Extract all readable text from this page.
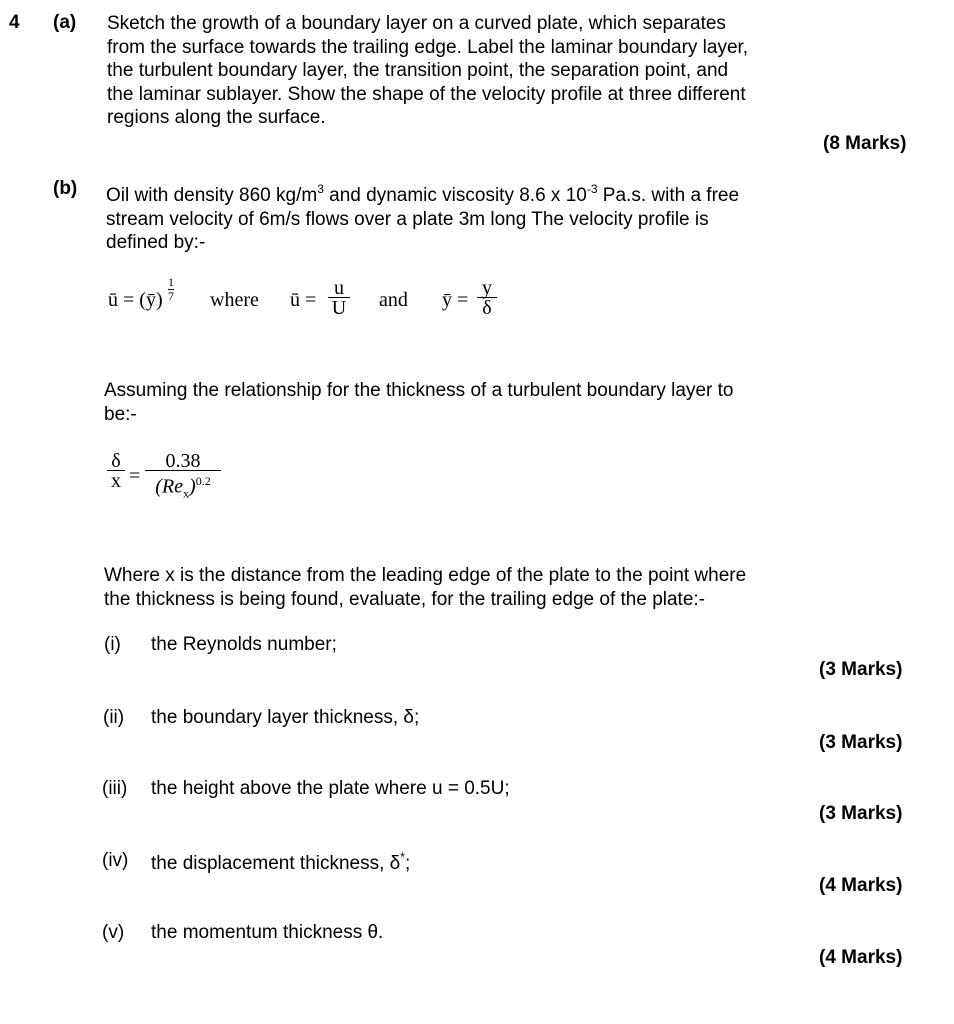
4 (a) Sketch the growth of a boundary layer on a curved plate, which separates
from the surface towards the trailing edge. Label the laminar boundary layer,
the turbulent boundary layer, the transition point, the separation point, and
the laminar sublayer. Show the shape of the velocity profile at three different
regions along the surface.
(8 Marks)
(b) Oil with density 860 $kg/m^3$ and dynamic viscosity 8.6 x $10^{-3}$ Pa.s. with a free
stream velocity of 6m/s flows over a plate 3m long The velocity profile is
defined by:-
ū = (ȳ) $\frac{1}{7}$ where ū = $\frac{u}{U}$ and ȳ = $\frac{y}{\delta}$
Assuming the relationship for the thickness of a turbulent boundary layer to
be:-
$\frac{\delta}{x}$ =
0.38
$(Re_x)^{0.2}$
Where x is the distance from the leading edge of the plate to the point where
the thickness is being found, evaluate, for the trailing edge of the plate:-
(i) the Reynolds number;
(3 Marks)
(ii) the boundary layer thickness, δ;
(3 Marks)
(iii) the height above the plate where u = 0.5U;
(3 Marks)
(iv) the displacement thickness, δ*;
(4 Marks)
(v) the momentum thickness θ.
(4 Marks)
